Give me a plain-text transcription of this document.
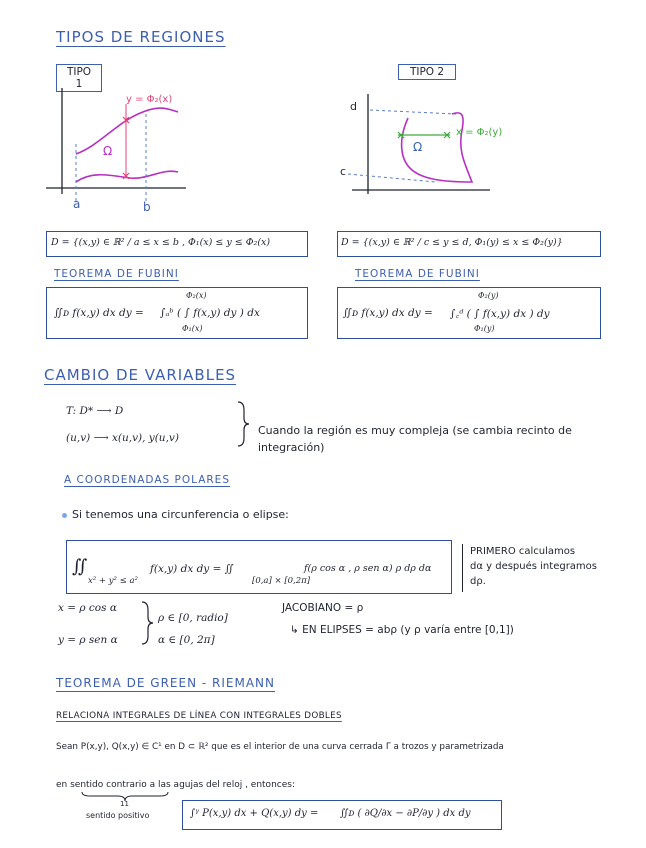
TIPOS DE REGIONES
TIPO 1
TIPO 2
y = Φ₂(x)
Ω
a	b
x = Φ₂(y)
Ω
d
c
D = {(x,y) ∈ ℝ² / a ≤ x ≤ b , Φ₁(x) ≤ y ≤ Φ₂(x)	D = {(x,y) ∈ ℝ² / c ≤ y ≤ d, Φ₁(y) ≤ x ≤ Φ₂(y)}
TEOREMA DE FUBINI	TEOREMA DE FUBINI
∬ᴅ f(x,y) dx dy = ∫ₐᵇ ( ∫ f(x,y) dy ) dx
Φ₂(x)
Φ₁(x)
∬ᴅ f(x,y) dx dy = ∫꜀ᵈ ( ∫ f(x,y) dx ) dy
Φ₂(y)
Φ₁(y)
CAMBIO DE VARIABLES
T: D* ⟶ D
(u,v) ⟶ x(u,v), y(u,v)
Cuando la región es muy compleja (se cambia recinto de
integración)
A COORDENADAS POLARES
Si tenemos una circunferencia o elipse:
∬
x² + y² ≤ a²
f(x,y) dx dy = ∬
[0,a] × [0,2π]
f(ρ cos α , ρ sen α) ρ dρ dα
PRIMERO calculamos
dα y después integramos
dρ.
x = ρ cos α
y = ρ sen α
ρ ∈ [0, radio]
α ∈ [0, 2π]
JACOBIANO = ρ
↳ EN ELIPSES = abρ (y ρ varía entre [0,1])
TEOREMA DE GREEN - RIEMANN
RELACIONA INTEGRALES DE LÍNEA CON INTEGRALES DOBLES
Sean P(x,y), Q(x,y) ∈ C¹ en D ⊂ ℝ² que es el interior de una curva cerrada Γ a trozos y parametrizada
en sentido contrario a las agujas del reloj , entonces:
11
sentido positivo	∫ᵞ P(x,y) dx + Q(x,y) dy = ∬ᴅ ( ∂Q/∂x − ∂P/∂y ) dx dy
